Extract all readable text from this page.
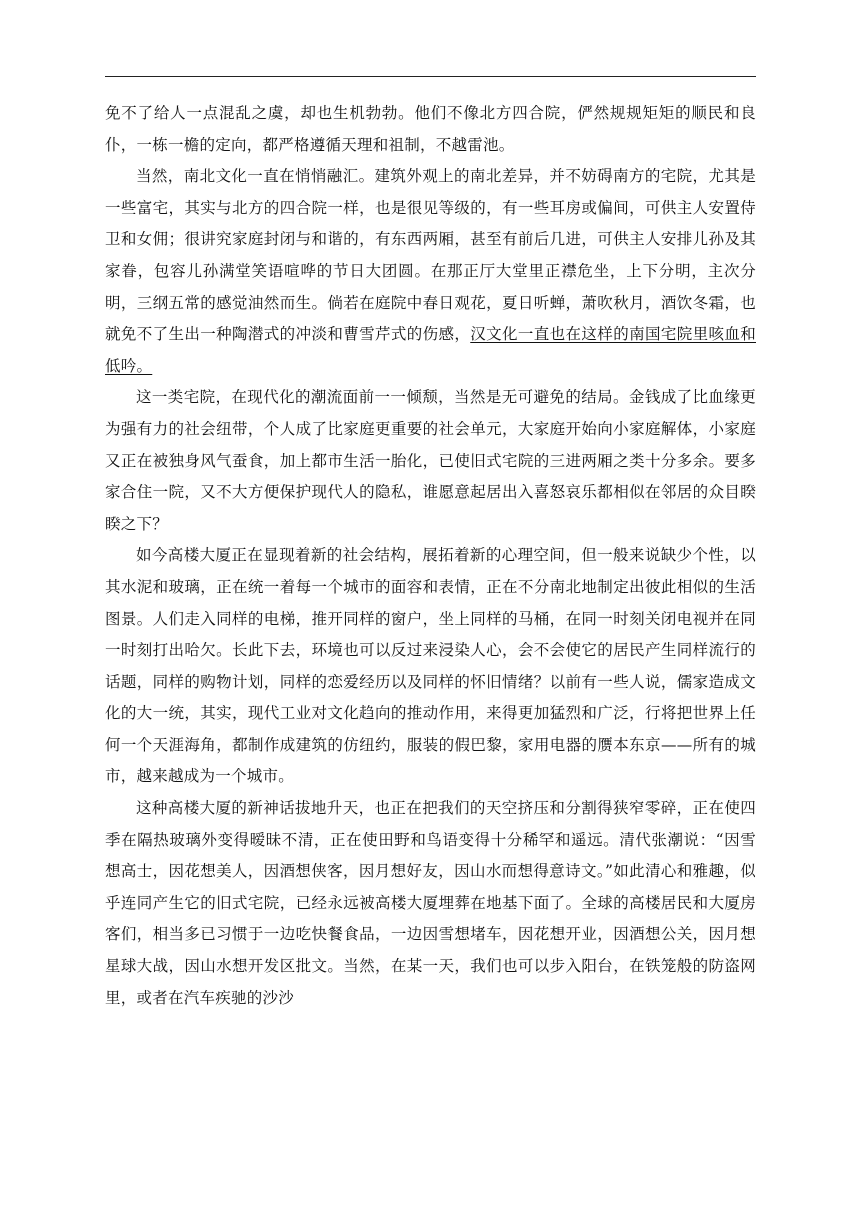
免不了给人一点混乱之虞，却也生机勃勃。他们不像北方四合院，俨然规规矩矩的顺民和良仆，一栋一檐的定向，都严格遵循天理和祖制，不越雷池。

当然，南北文化一直在悄悄融汇。建筑外观上的南北差异，并不妨碍南方的宅院，尤其是一些富宅，其实与北方的四合院一样，也是很见等级的，有一些耳房或偏间，可供主人安置侍卫和女佣；很讲究家庭封闭与和谐的，有东西两厢，甚至有前后几进，可供主人安排儿孙及其家眷，包容儿孙满堂笑语喧哗的节日大团圆。在那正厅大堂里正襟危坐，上下分明，主次分明，三纲五常的感觉油然而生。倘若在庭院中春日观花，夏日听蝉，萧吹秋月，酒饮冬霜，也就免不了生出一种陶潜式的冲淡和曹雪芹式的伤感，汉文化一直也在这样的南国宅院里咳血和低吟。

这一类宅院，在现代化的潮流面前一一倾颓，当然是无可避免的结局。金钱成了比血缘更为强有力的社会纽带，个人成了比家庭更重要的社会单元，大家庭开始向小家庭解体，小家庭又正在被独身风气蚕食，加上都市生活一胎化，已使旧式宅院的三进两厢之类十分多余。要多家合住一院，又不大方便保护现代人的隐私，谁愿意起居出入喜怒哀乐都相似在邻居的众目睽睽之下？

如今高楼大厦正在显现着新的社会结构，展拓着新的心理空间，但一般来说缺少个性，以其水泥和玻璃，正在统一着每一个城市的面容和表情，正在不分南北地制定出彼此相似的生活图景。人们走入同样的电梯，推开同样的窗户，坐上同样的马桶，在同一时刻关闭电视并在同一时刻打出哈欠。长此下去，环境也可以反过来浸染人心，会不会使它的居民产生同样流行的话题，同样的购物计划，同样的恋爱经历以及同样的怀旧情绪？以前有一些人说，儒家造成文化的大一统，其实，现代工业对文化趋向的推动作用，来得更加猛烈和广泛，行将把世界上任何一个天涯海角，都制作成建筑的仿纽约，服装的假巴黎，家用电器的赝本东京——所有的城市，越来越成为一个城市。

这种高楼大厦的新神话拔地升天，也正在把我们的天空挤压和分割得狭窄零碎，正在使四季在隔热玻璃外变得暧昧不清，正在使田野和鸟语变得十分稀罕和遥远。清代张潮说：“因雪想高士，因花想美人，因酒想侠客，因月想好友，因山水而想得意诗文。”如此清心和雅趣，似乎连同产生它的旧式宅院，已经永远被高楼大厦埋葬在地基下面了。全球的高楼居民和大厦房客们，相当多已习惯于一边吃快餐食品，一边因雪想堵车，因花想开业，因酒想公关，因月想星球大战，因山水想开发区批文。当然，在某一天，我们也可以步入阳台，在铁笼般的防盗网里，或者在汽车疾驰的沙沙
